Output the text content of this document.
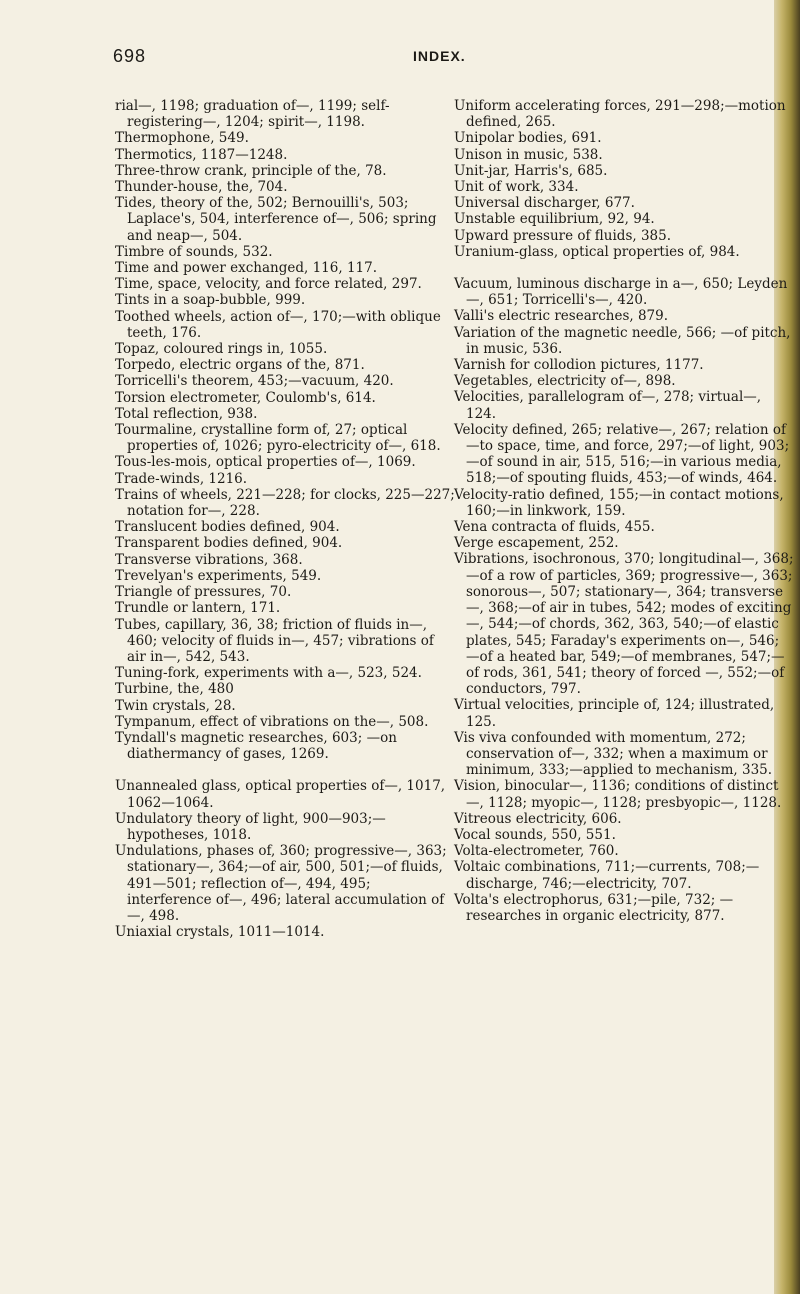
698	INDEX.

rial—, 1198; graduation of—, 1199; self-registering—, 1204; spirit—, 1198.

Thermophone, 549.

Thermotics, 1187—1248.

Three-throw crank, principle of the, 78.

Thunder-house, the, 704.

Tides, theory of the, 502; Bernouilli's, 503; Laplace's, 504, interference of—, 506; spring and neap—, 504.

Timbre of sounds, 532.

Time and power exchanged, 116, 117.

Time, space, velocity, and force related, 297.

Tints in a soap-bubble, 999.

Toothed wheels, action of—, 170;—with oblique teeth, 176.

Topaz, coloured rings in, 1055.

Torpedo, electric organs of the, 871.

Torricelli's theorem, 453;—vacuum, 420.

Torsion electrometer, Coulomb's, 614.

Total reflection, 938.

Tourmaline, crystalline form of, 27; optical properties of, 1026; pyro-electricity of—, 618.

Tous-les-mois, optical properties of—, 1069.

Trade-winds, 1216.

Trains of wheels, 221—228; for clocks, 225—227; notation for—, 228.

Translucent bodies defined, 904.

Transparent bodies defined, 904.

Transverse vibrations, 368.

Trevelyan's experiments, 549.

Triangle of pressures, 70.

Trundle or lantern, 171.

Tubes, capillary, 36, 38; friction of fluids in—, 460; velocity of fluids in—, 457; vibrations of air in—, 542, 543.

Tuning-fork, experiments with a—, 523, 524.

Turbine, the, 480

Twin crystals, 28.

Tympanum, effect of vibrations on the—, 508.

Tyndall's magnetic researches, 603; —on diathermancy of gases, 1269.

Unannealed glass, optical properties of—, 1017, 1062—1064.

Undulatory theory of light, 900—903;—hypotheses, 1018.

Undulations, phases of, 360; progressive—, 363; stationary—, 364;—of air, 500, 501;—of fluids, 491—501; reflection of—, 494, 495; interference of—, 496; lateral accumulation of—, 498.

Uniaxial crystals, 1011—1014.

Uniform accelerating forces, 291—298;—motion defined, 265.

Unipolar bodies, 691.

Unison in music, 538.

Unit-jar, Harris's, 685.

Unit of work, 334.

Universal discharger, 677.

Unstable equilibrium, 92, 94.

Upward pressure of fluids, 385.

Uranium-glass, optical properties of, 984.

Vacuum, luminous discharge in a—, 650; Leyden—, 651; Torricelli's—, 420.

Valli's electric researches, 879.

Variation of the magnetic needle, 566; —of pitch, in music, 536.

Varnish for collodion pictures, 1177.

Vegetables, electricity of—, 898.

Velocities, parallelogram of—, 278; virtual—, 124.

Velocity defined, 265; relative—, 267; relation of—to space, time, and force, 297;—of light, 903;—of sound in air, 515, 516;—in various media, 518;—of spouting fluids, 453;—of winds, 464.

Velocity-ratio defined, 155;—in contact motions, 160;—in linkwork, 159.

Vena contracta of fluids, 455.

Verge escapement, 252.

Vibrations, isochronous, 370; longitudinal—, 368;—of a row of particles, 369; progressive—, 363; sonorous—, 507; stationary—, 364; transverse —, 368;—of air in tubes, 542; modes of exciting—, 544;—of chords, 362, 363, 540;—of elastic plates, 545; Faraday's experiments on—, 546; —of a heated bar, 549;—of membranes, 547;—of rods, 361, 541; theory of forced —, 552;—of conductors, 797.

Virtual velocities, principle of, 124; illustrated, 125.

Vis viva confounded with momentum, 272; conservation of—, 332; when a maximum or minimum, 333;—applied to mechanism, 335.

Vision, binocular—, 1136; conditions of distinct—, 1128; myopic—, 1128; presbyopic—, 1128.

Vitreous electricity, 606.

Vocal sounds, 550, 551.

Volta-electrometer, 760.

Voltaic combinations, 711;—currents, 708;—discharge, 746;—electricity, 707.

Volta's electrophorus, 631;—pile, 732; —researches in organic electricity, 877.
